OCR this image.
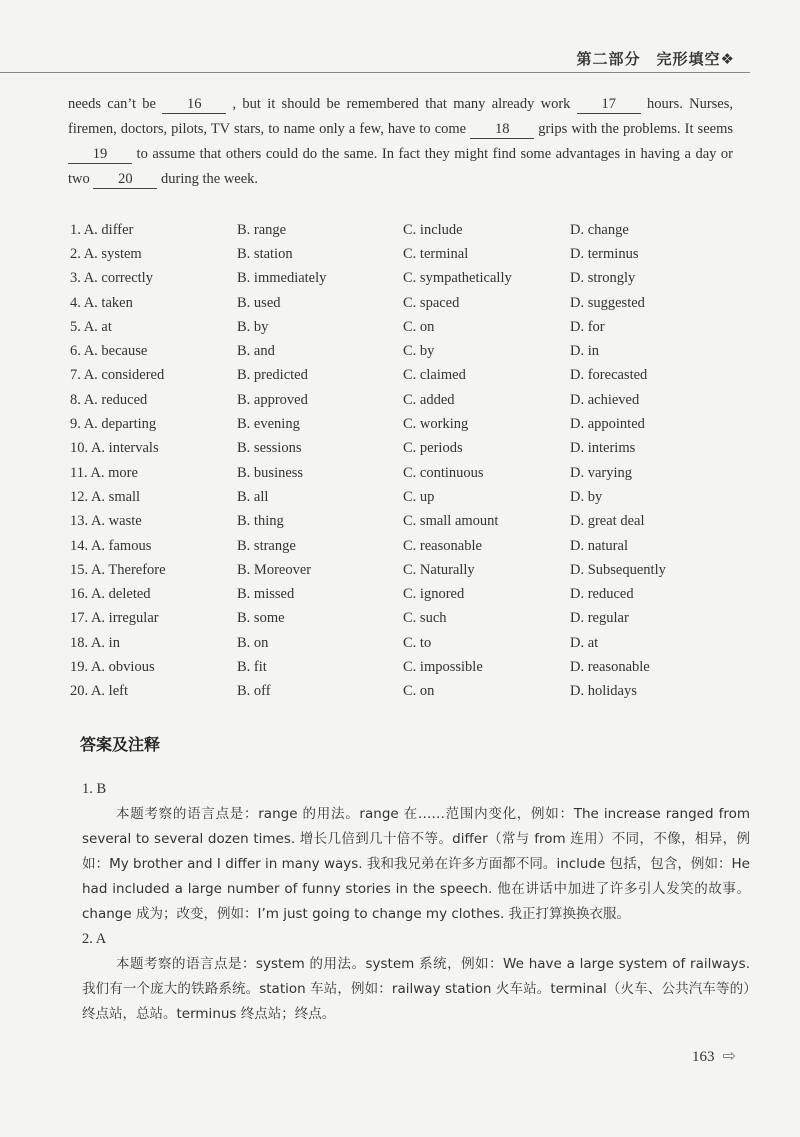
第二部分　完形填空❖
needs can’t be 16 , but it should be remembered that many already work 17 hours. Nurses, firemen, doctors, pilots, TV stars, to name only a few, have to come 18 grips with the problems. It seems 19 to assume that others could do the same. In fact they might find some advantages in having a day or two 20 during the week.
1. A. differ	B. range	C. include	D. change
2. A. system	B. station	C. terminal	D. terminus
3. A. correctly	B. immediately	C. sympathetically	D. strongly
4. A. taken	B. used	C. spaced	D. suggested
5. A. at	B. by	C. on	D. for
6. A. because	B. and	C. by	D. in
7. A. considered	B. predicted	C. claimed	D. forecasted
8. A. reduced	B. approved	C. added	D. achieved
9. A. departing	B. evening	C. working	D. appointed
10. A. intervals	B. sessions	C. periods	D. interims
11. A. more	B. business	C. continuous	D. varying
12. A. small	B. all	C. up	D. by
13. A. waste	B. thing	C. small amount	D. great deal
14. A. famous	B. strange	C. reasonable	D. natural
15. A. Therefore	B. Moreover	C. Naturally	D. Subsequently
16. A. deleted	B. missed	C. ignored	D. reduced
17. A. irregular	B. some	C. such	D. regular
18. A. in	B. on	C. to	D. at
19. A. obvious	B. fit	C. impossible	D. reasonable
20. A. left	B. off	C. on	D. holidays
答案及注释
1. B

本题考察的语言点是：range 的用法。range 在……范围内变化，例如：The increase ranged from several to several dozen times. 增长几倍到几十倍不等。differ（常与 from 连用）不同，不像，相异，例如：My brother and I differ in many ways. 我和我兄弟在许多方面都不同。include 包括，包含，例如：He had included a large number of funny stories in the speech. 他在讲话中加进了许多引人发笑的故事。change 成为；改变，例如：I’m just going to change my clothes. 我正打算换换衣服。

2. A

本题考察的语言点是：system 的用法。system 系统，例如：We have a large system of railways. 我们有一个庞大的铁路系统。station 车站，例如：railway station 火车站。terminal（火车、公共汽车等的）终点站，总站。terminus 终点站；终点。

163 ⇨
